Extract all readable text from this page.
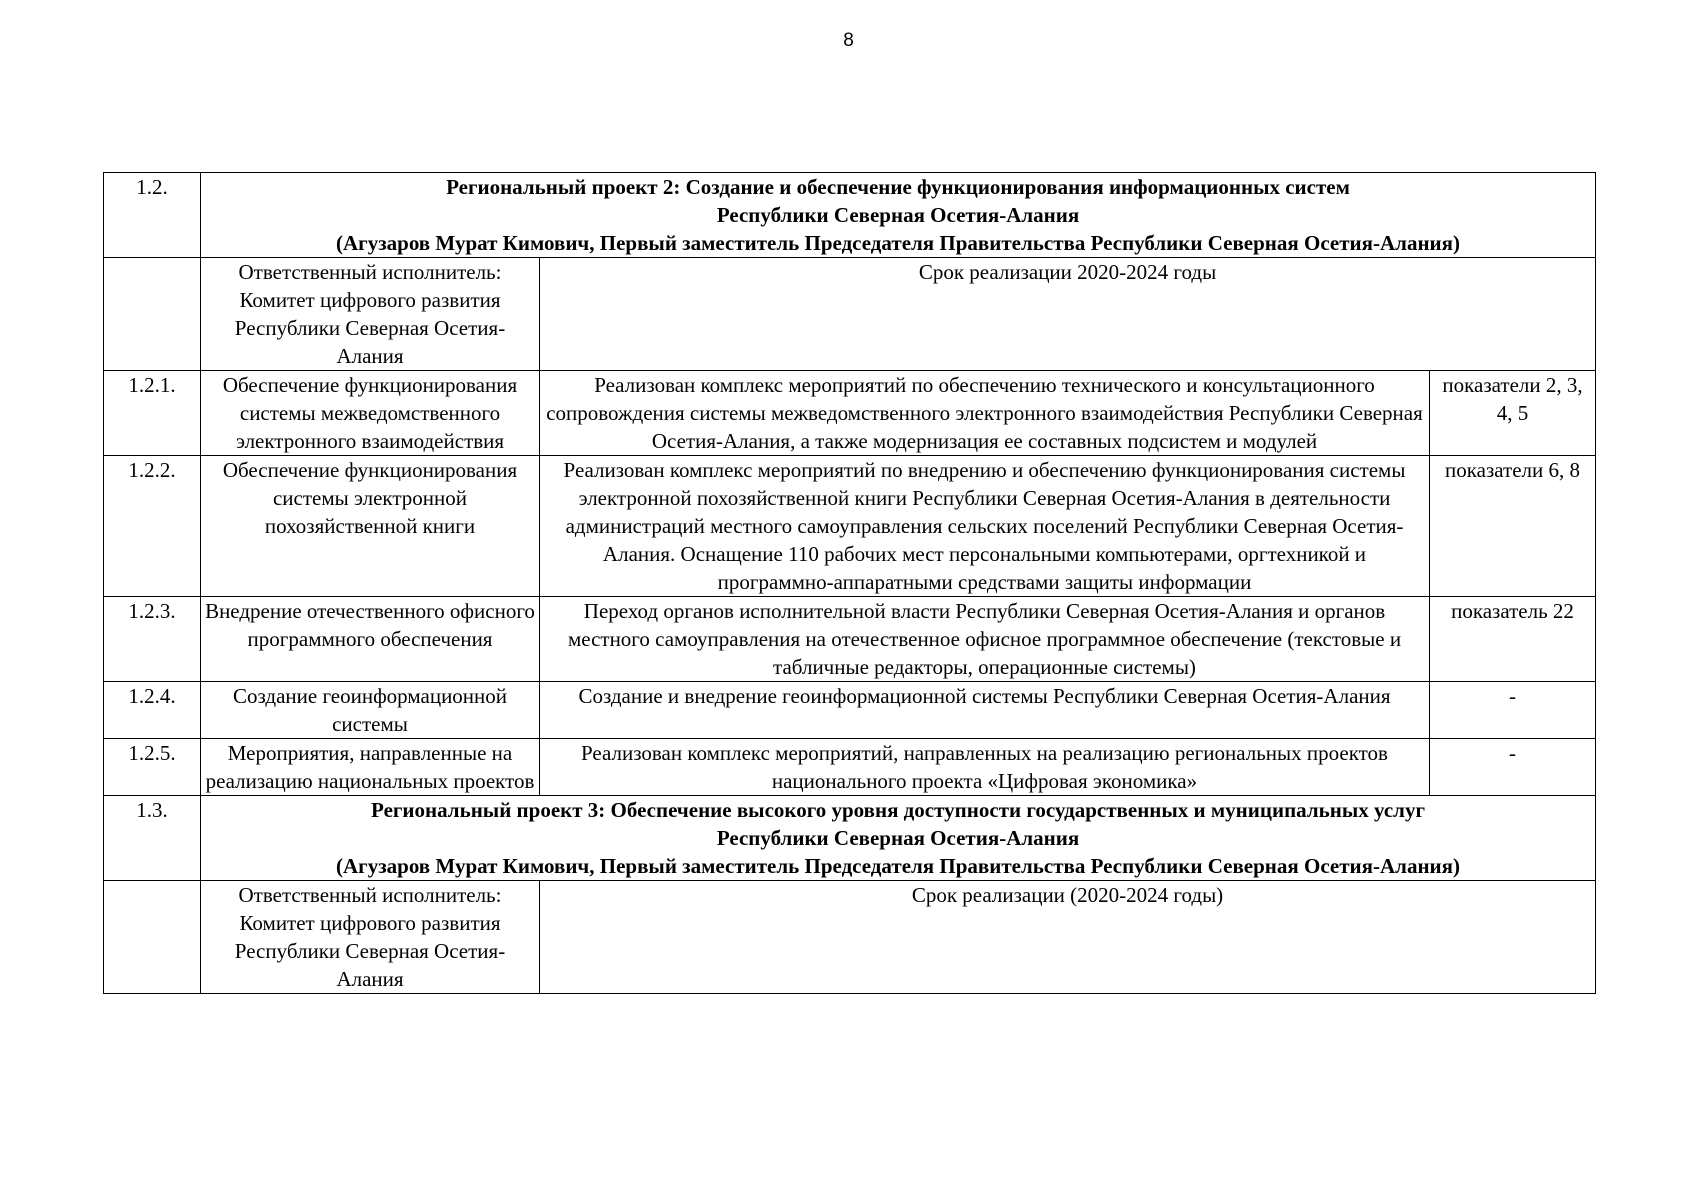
8
1.2.	Региональный проект 2: Создание и обеспечение функционирования информационных систем
Республики Северная Осетия-Алания
(Агузаров Мурат Кимович, Первый заместитель Председателя Правительства Республики Северная Осетия-Алания)		

	Ответственный исполнитель: Комитет цифрового развития Республики Северная Осетия-Алания	Срок реализации 2020-2024 годы	
1.2.1.	Обеспечение функционирования системы межведомственного электронного взаимодействия	Реализован комплекс мероприятий по обеспечению технического и консультационного сопровождения системы межведомственного электронного взаимодействия Республики Северная Осетия-Алания, а также модернизация ее составных подсистем и модулей	показатели 2, 3, 4, 5
1.2.2.	Обеспечение функционирования системы электронной похозяйственной книги	Реализован комплекс мероприятий по внедрению и обеспечению функционирования системы электронной похозяйственной книги Республики Северная Осетия-Алания в деятельности администраций местного самоуправления сельских поселений Республики Северная Осетия-Алания. Оснащение 110 рабочих мест персональными компьютерами, оргтехникой и программно-аппаратными средствами защиты информации	показатели 6, 8
1.2.3.	Внедрение отечественного офисного программного обеспечения	Переход органов исполнительной власти Республики Северная Осетия-Алания и органов местного самоуправления на отечественное офисное программное обеспечение (текстовые и табличные редакторы, операционные системы)	показатель 22
1.2.4.	Создание геоинформационной системы	Создание и внедрение геоинформационной системы Республики Северная Осетия-Алания	-
1.2.5.	Мероприятия, направленные на реализацию национальных проектов	Реализован комплекс мероприятий, направленных на реализацию региональных проектов национального проекта «Цифровая экономика»	-
1.3.	Региональный проект 3: Обеспечение высокого уровня доступности государственных и муниципальных услуг
Республики Северная Осетия-Алания
(Агузаров Мурат Кимович, Первый заместитель Председателя Правительства Республики Северная Осетия-Алания)		

	Ответственный исполнитель: Комитет цифрового развития Республики Северная Осетия-Алания	Срок реализации (2020-2024 годы)	
